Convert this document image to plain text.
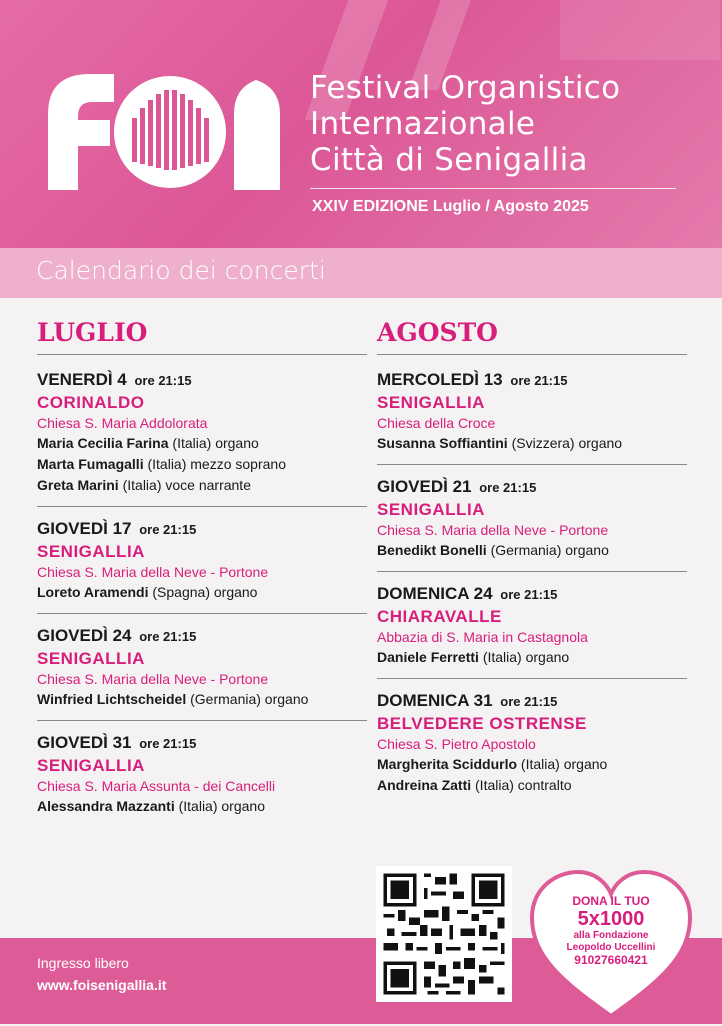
Festival Organistico
Internazionale
Città di Senigallia
XXIV EDIZIONE Luglio / Agosto 2025
Calendario dei concerti
LUGLIO
VENERDÌ 4 ore 21:15
CORINALDO
Chiesa S. Maria Addolorata
Maria Cecilia Farina (Italia) organo
Marta Fumagalli (Italia) mezzo soprano
Greta Marini (Italia) voce narrante
GIOVEDÌ 17 ore 21:15
SENIGALLIA
Chiesa S. Maria della Neve - Portone
Loreto Aramendi (Spagna) organo
GIOVEDÌ 24 ore 21:15
SENIGALLIA
Chiesa S. Maria della Neve - Portone
Winfried Lichtscheidel (Germania) organo
GIOVEDÌ 31 ore 21:15
SENIGALLIA
Chiesa S. Maria Assunta - dei Cancelli
Alessandra Mazzanti (Italia) organo
AGOSTO
MERCOLEDÌ 13 ore 21:15
SENIGALLIA
Chiesa della Croce
Susanna Soffiantini (Svizzera) organo
GIOVEDÌ 21 ore 21:15
SENIGALLIA
Chiesa S. Maria della Neve - Portone
Benedikt Bonelli (Germania) organo
DOMENICA 24 ore 21:15
CHIARAVALLE
Abbazia di S. Maria in Castagnola
Daniele Ferretti (Italia) organo
DOMENICA 31 ore 21:15
BELVEDERE OSTRENSE
Chiesa S. Pietro Apostolo
Margherita Sciddurlo (Italia) organo
Andreina Zatti (Italia) contralto
Ingresso libero
www.foisenigallia.it
DONA IL TUO
5x1000
alla Fondazione
Leopoldo Uccellini
91027660421
